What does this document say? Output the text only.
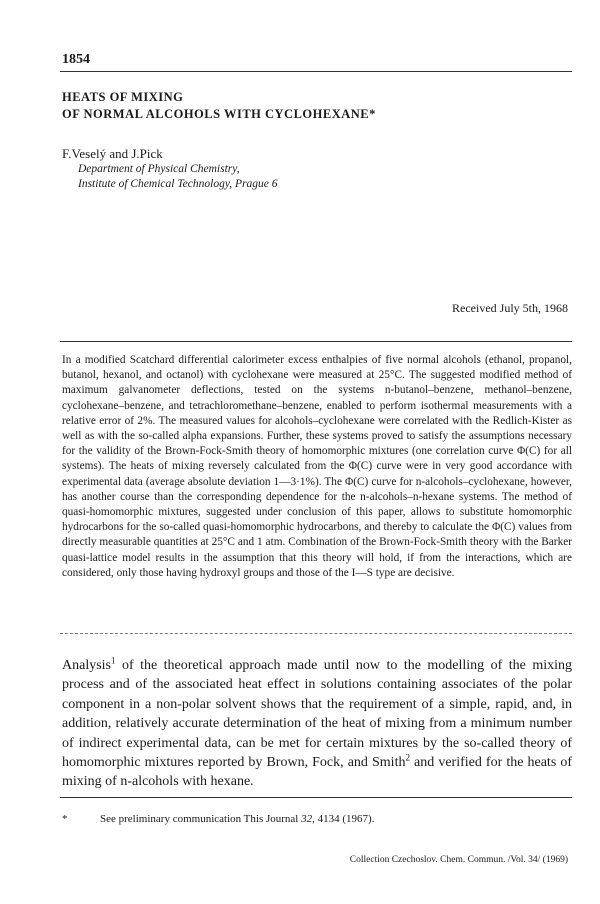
1854
HEATS OF MIXING
OF NORMAL ALCOHOLS WITH CYCLOHEXANE*
F.Veselý and J.Pick
Department of Physical Chemistry,
Institute of Chemical Technology, Prague 6
Received July 5th, 1968
In a modified Scatchard differential calorimeter excess enthalpies of five normal alcohols (ethanol, propanol, butanol, hexanol, and octanol) with cyclohexane were measured at 25°C. The suggested modified method of maximum galvanometer deflections, tested on the systems n-butanol–benzene, methanol–benzene, cyclohexane–benzene, and tetrachloromethane–benzene, enabled to perform isothermal measurements with a relative error of 2%. The measured values for alcohols–cyclohexane were correlated with the Redlich-Kister as well as with the so-called alpha expansions. Further, these systems proved to satisfy the assumptions necessary for the validity of the Brown-Fock-Smith theory of homomorphic mixtures (one correlation curve Φ(C) for all systems). The heats of mixing reversely calculated from the Φ(C) curve were in very good accordance with experimental data (average absolute deviation 1—3·1%). The Φ(C) curve for n-alcohols–cyclohexane, however, has another course than the corresponding dependence for the n-alcohols–n-hexane systems. The method of quasi-homomorphic mixtures, suggested under conclusion of this paper, allows to substitute homomorphic hydrocarbons for the so-called quasi-homomorphic hydrocarbons, and thereby to calculate the Φ(C) values from directly measurable quantities at 25°C and 1 atm. Combination of the Brown-Fock-Smith theory with the Barker quasi-lattice model results in the assumption that this theory will hold, if from the interactions, which are considered, only those having hydroxyl groups and those of the I—S type are decisive.
Analysis$^1$ of the theoretical approach made until now to the modelling of the mixing process and of the associated heat effect in solutions containing associates of the polar component in a non-polar solvent shows that the requirement of a simple, rapid, and, in addition, relatively accurate determination of the heat of mixing from a minimum number of indirect experimental data, can be met for certain mixtures by the so-called theory of homomorphic mixtures reported by Brown, Fock, and Smith$^2$ and verified for the heats of mixing of n-alcohols with hexane.
*	See preliminary communication This Journal 32, 4134 (1967).
Collection Czechoslov. Chem. Commun. /Vol. 34/ (1969)
